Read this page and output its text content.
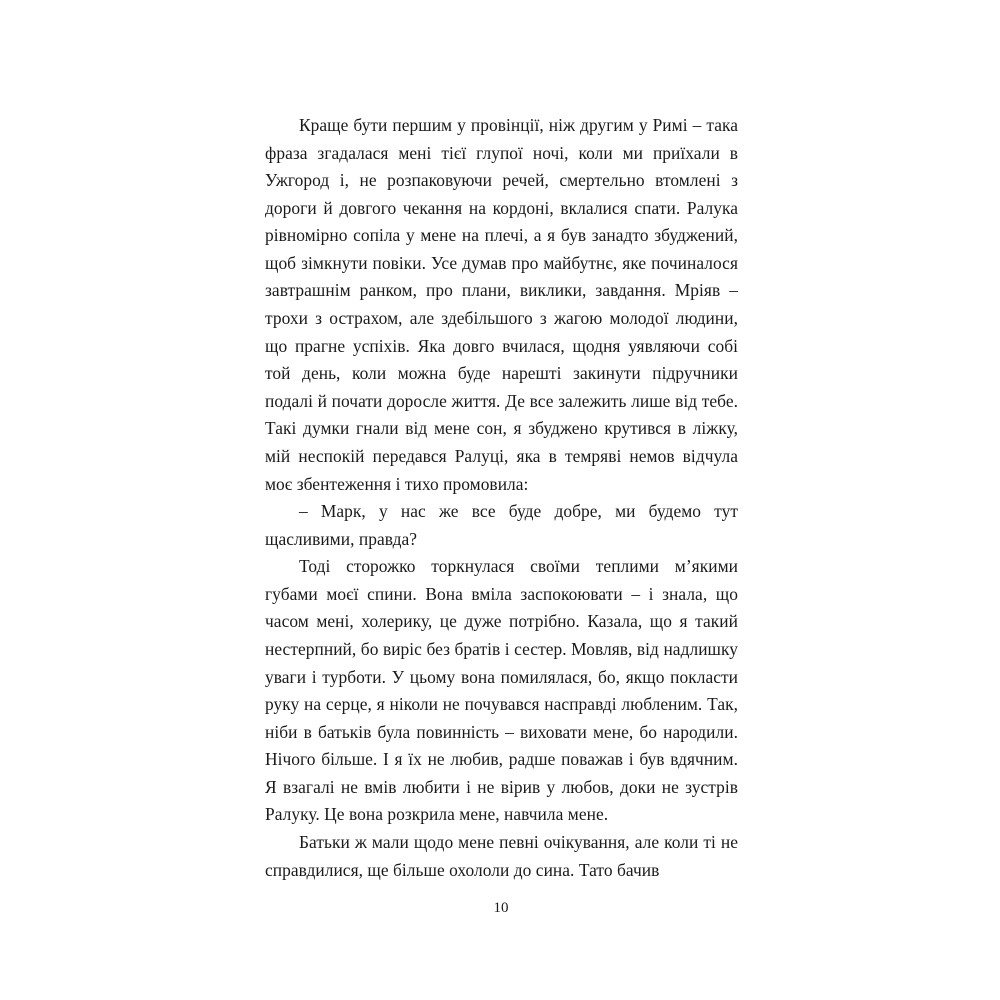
Краще бути першим у провінції, ніж другим у Римі – така фраза згадалася мені тієї глупої ночі, коли ми приїхали в Ужгород і, не розпаковуючи речей, смертельно втомлені з дороги й довгого чекання на кордоні, вклалися спати. Ралука рівномірно сопіла у мене на плечі, а я був занадто збуджений, щоб зімкнути повіки. Усе думав про майбутнє, яке починалося завтрашнім ранком, про плани, виклики, завдання. Мріяв – трохи з острахом, але здебільшого з жагою молодої людини, що прагне успіхів. Яка довго вчилася, щодня уявляючи собі той день, коли можна буде нарешті закинути підручники подалі й почати доросле життя. Де все залежить лише від тебе. Такі думки гнали від мене сон, я збуджено крутився в ліжку, мій неспокій передався Ралуці, яка в темряві немов відчула моє збентеження і тихо промовила:

– Марк, у нас же все буде добре, ми будемо тут щасливими, правда?

Тоді сторожко торкнулася своїми теплими м’якими губами моєї спини. Вона вміла заспокоювати – і знала, що часом мені, холерику, це дуже потрібно. Казала, що я такий нестерпний, бо виріс без братів і сестер. Мовляв, від надлишку уваги і турботи. У цьому вона помилялася, бо, якщо покласти руку на серце, я ніколи не почувався насправді любленим. Так, ніби в батьків була повинність – виховати мене, бо народили. Нічого більше. І я їх не любив, радше поважав і був вдячним. Я взагалі не вмів любити і не вірив у любов, доки не зустрів Ралуку. Це вона розкрила мене, навчила мене.

Батьки ж мали щодо мене певні очікування, але коли ті не справдилися, ще більше охололи до сина. Тато бачив

10
